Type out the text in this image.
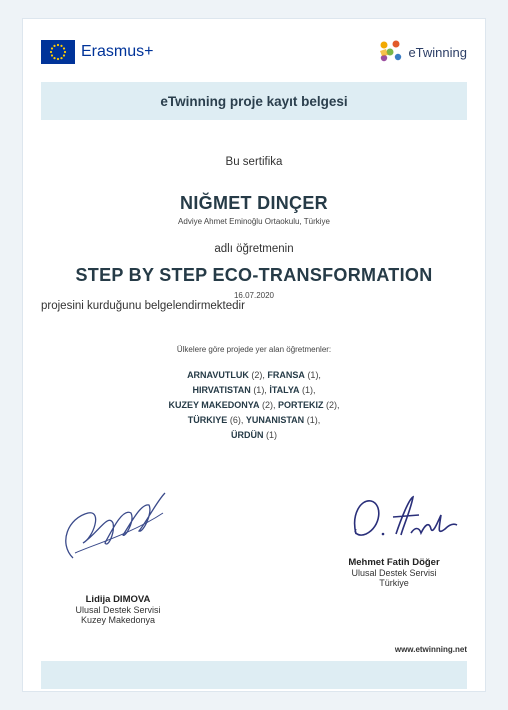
Erasmus+	eTwinning
eTwinning proje kayıt belgesi
Bu sertifika
NIĞMET DINÇER
Adviye Ahmet Eminoğlu Ortaokulu, Türkiye
adlı öğretmenin
STEP BY STEP ECO-TRANSFORMATION
16.07.2020
projesini kurduğunu belgelendirmektedir
Ülkelere göre projede yer alan öğretmenler:
ARNAVUTLUK (2), FRANSA (1),
HIRVATISTAN (1), İTALYA (1),
KUZEY MAKEDONYA (2), PORTEKIZ (2),
TÜRKIYE (6), YUNANISTAN (1),
ÜRDÜN (1)
Lidija DIMOVA
Ulusal Destek Servisi
Kuzey Makedonya
Mehmet Fatih Döğer
Ulusal Destek Servisi
Türkiye
www.etwinning.net
